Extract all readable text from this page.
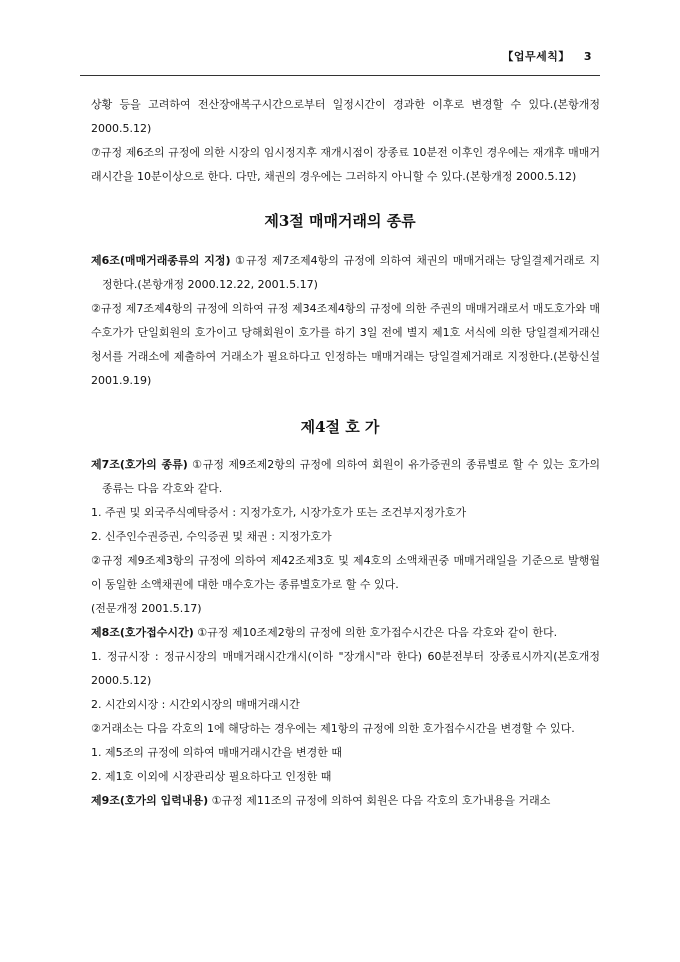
【업무세칙】 3

상황 등을 고려하여 전산장애복구시간으로부터 일정시간이 경과한 이후로 변경할 수 있다.(본항개정 2000.5.12)

⑦규정 제6조의 규정에 의한 시장의 임시정지후 재개시점이 장종료 10분전 이후인 경우에는 재개후 매매거래시간을 10분이상으로 한다. 다만, 채권의 경우에는 그러하지 아니할 수 있다.(본항개정 2000.5.12)

제3절 매매거래의 종류

제6조(매매거래종류의 지정) ①규정 제7조제4항의 규정에 의하여 채권의 매매거래는 당일결제거래로 지정한다.(본항개정 2000.12.22, 2001.5.17)

②규정 제7조제4항의 규정에 의하여 규정 제34조제4항의 규정에 의한 주권의 매매거래로서 매도호가와 매수호가가 단일회원의 호가이고 당해회원이 호가를 하기 3일 전에 별지 제1호 서식에 의한 당일결제거래신청서를 거래소에 제출하여 거래소가 필요하다고 인정하는 매매거래는 당일결제거래로 지정한다.(본항신설 2001.9.19)

제4절 호 가

제7조(호가의 종류) ①규정 제9조제2항의 규정에 의하여 회원이 유가증권의 종류별로 할 수 있는 호가의 종류는 다음 각호와 같다.

1. 주권 및 외국주식예탁증서 : 지정가호가, 시장가호가 또는 조건부지정가호가

2. 신주인수권증권, 수익증권 및 채권 : 지정가호가

②규정 제9조제3항의 규정에 의하여 제42조제3호 및 제4호의 소액채권중 매매거래일을 기준으로 발행월이 동일한 소액채권에 대한 매수호가는 종류별호가로 할 수 있다.

(전문개정 2001.5.17)

제8조(호가접수시간) ①규정 제10조제2항의 규정에 의한 호가접수시간은 다음 각호와 같이 한다.

1. 정규시장 : 정규시장의 매매거래시간개시(이하 "장개시"라 한다) 60분전부터 장종료시까지(본호개정 2000.5.12)

2. 시간외시장 : 시간외시장의 매매거래시간

②거래소는 다음 각호의 1에 해당하는 경우에는 제1항의 규정에 의한 호가접수시간을 변경할 수 있다.

1. 제5조의 규정에 의하여 매매거래시간을 변경한 때

2. 제1호 이외에 시장관리상 필요하다고 인정한 때

제9조(호가의 입력내용) ①규정 제11조의 규정에 의하여 회원은 다음 각호의 호가내용을 거래소
